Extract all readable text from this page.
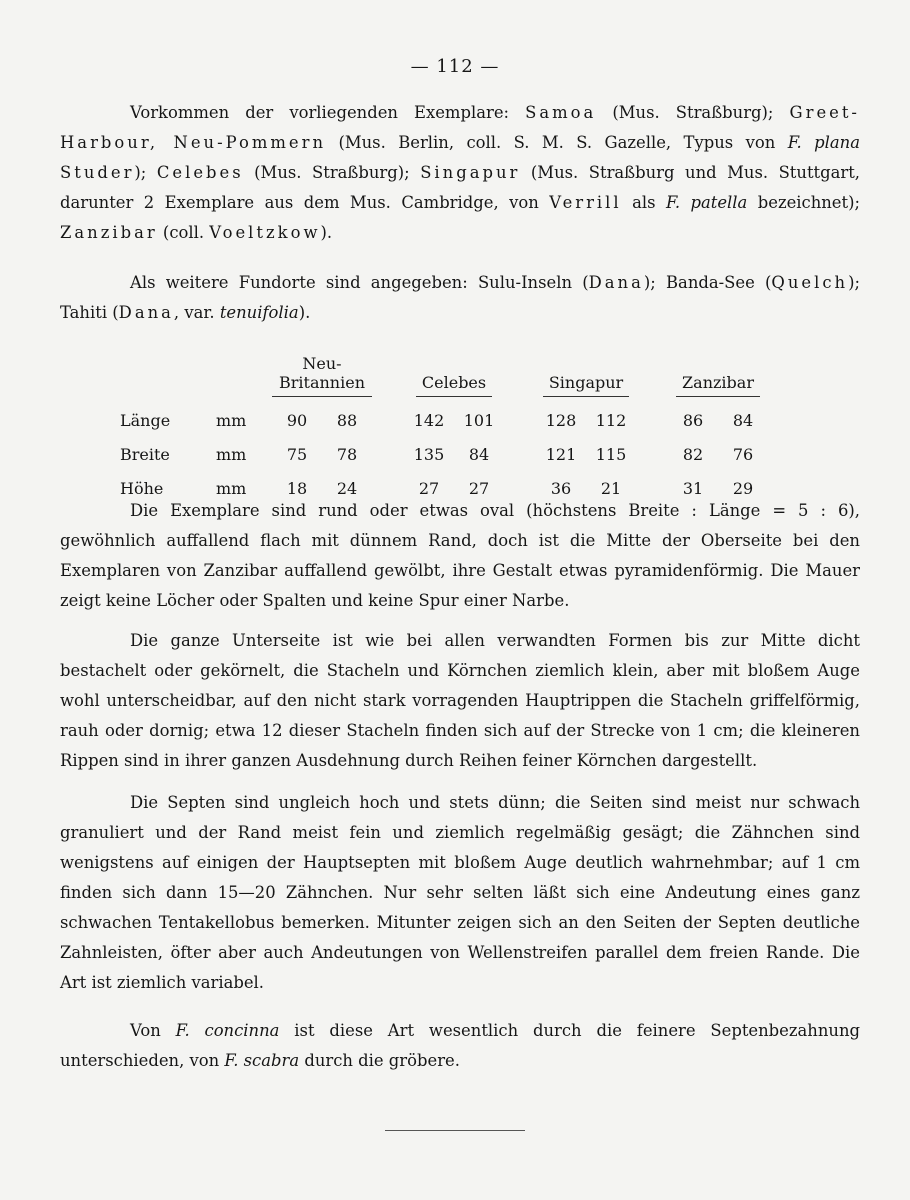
— 112 —
Vorkommen der vorliegenden Exemplare: Samoa (Mus. Straßburg); Greet-Harbour, Neu-Pommern (Mus. Berlin, coll. S. M. S. Gazelle, Typus von F. plana Studer); Celebes (Mus. Straßburg); Singapur (Mus. Straßburg und Mus. Stuttgart, darunter 2 Exemplare aus dem Mus. Cambridge, von Verrill als F. patella bezeichnet); Zanzibar (coll. Voeltzkow).
Als weitere Fundorte sind angegeben: Sulu-Inseln (Dana); Banda-See (Quelch); Tahiti (Dana, var. tenuifolia).
		Neu-Britannien			Celebes			Singapur			Zanzibar	
Länge	mm	90	88		142	101		128	112		86	84
Breite	mm	75	78		135	84		121	115		82	76
Höhe	mm	18	24		27	27		36	21		31	29
Die Exemplare sind rund oder etwas oval (höchstens Breite : Länge = 5 : 6), gewöhnlich auffallend flach mit dünnem Rand, doch ist die Mitte der Oberseite bei den Exemplaren von Zanzibar auffallend gewölbt, ihre Gestalt etwas pyramidenförmig. Die Mauer zeigt keine Löcher oder Spalten und keine Spur einer Narbe.
Die ganze Unterseite ist wie bei allen verwandten Formen bis zur Mitte dicht bestachelt oder gekörnelt, die Stacheln und Körnchen ziemlich klein, aber mit bloßem Auge wohl unterscheidbar, auf den nicht stark vorragenden Hauptrippen die Stacheln griffelförmig, rauh oder dornig; etwa 12 dieser Stacheln finden sich auf der Strecke von 1 cm; die kleineren Rippen sind in ihrer ganzen Ausdehnung durch Reihen feiner Körnchen dargestellt.
Die Septen sind ungleich hoch und stets dünn; die Seiten sind meist nur schwach granuliert und der Rand meist fein und ziemlich regelmäßig gesägt; die Zähnchen sind wenigstens auf einigen der Hauptsepten mit bloßem Auge deutlich wahrnehmbar; auf 1 cm finden sich dann 15—20 Zähnchen. Nur sehr selten läßt sich eine Andeutung eines ganz schwachen Tentakellobus bemerken. Mitunter zeigen sich an den Seiten der Septen deutliche Zahnleisten, öfter aber auch Andeutungen von Wellenstreifen parallel dem freien Rande. Die Art ist ziemlich variabel.
Von F. concinna ist diese Art wesentlich durch die feinere Septenbezahnung unterschieden, von F. scabra durch die gröbere.
